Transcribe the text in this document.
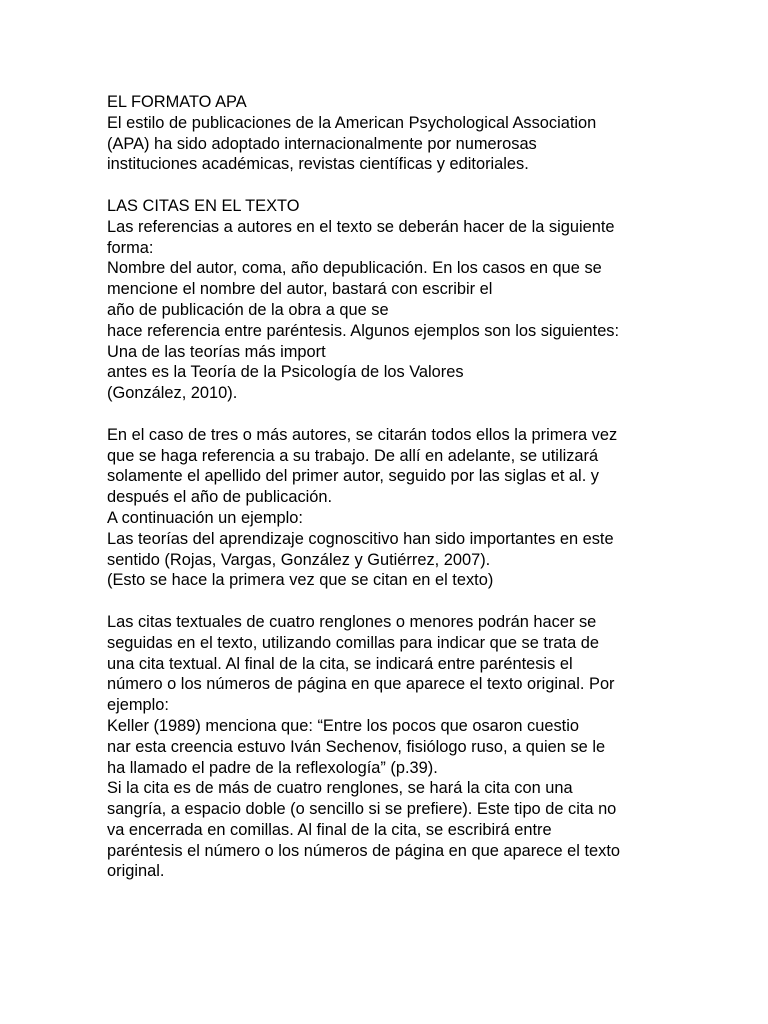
EL FORMATO APA
El estilo de publicaciones de la American Psychological Association
(APA) ha sido adoptado internacionalmente por numerosas
instituciones académicas, revistas científicas y editoriales.
LAS CITAS EN EL TEXTO
Las referencias a autores en el texto se deberán hacer de la siguiente
forma:
Nombre del autor, coma, año depublicación. En los casos en que se
mencione el nombre del autor, bastará con escribir el
año de publicación de la obra a que se
hace referencia entre paréntesis. Algunos ejemplos son los siguientes:
Una de las teorías más import
antes es la Teoría de la Psicología de los Valores
(González, 2010).
En el caso de tres o más autores, se citarán todos ellos la primera vez
que se haga referencia a su trabajo. De allí en adelante, se utilizará
solamente el apellido del primer autor, seguido por las siglas et al. y
después el año de publicación.
A continuación un ejemplo:
Las teorías del aprendizaje cognoscitivo han sido importantes en este
sentido (Rojas, Vargas, González y Gutiérrez, 2007).
(Esto se hace la primera vez que se citan en el texto)
Las citas textuales de cuatro renglones o menores podrán hacer se
seguidas en el texto, utilizando comillas para indicar que se trata de
una cita textual. Al final de la cita, se indicará entre paréntesis el
número o los números de página en que aparece el texto original. Por
ejemplo:
Keller (1989) menciona que: “Entre los pocos que osaron cuestio
nar esta creencia estuvo Iván Sechenov, fisiólogo ruso, a quien se le
ha llamado el padre de la reflexología” (p.39).
Si la cita es de más de cuatro renglones, se hará la cita con una
sangría, a espacio doble (o sencillo si se prefiere). Este tipo de cita no
va encerrada en comillas. Al final de la cita, se escribirá entre
paréntesis el número o los números de página en que aparece el texto
original.
